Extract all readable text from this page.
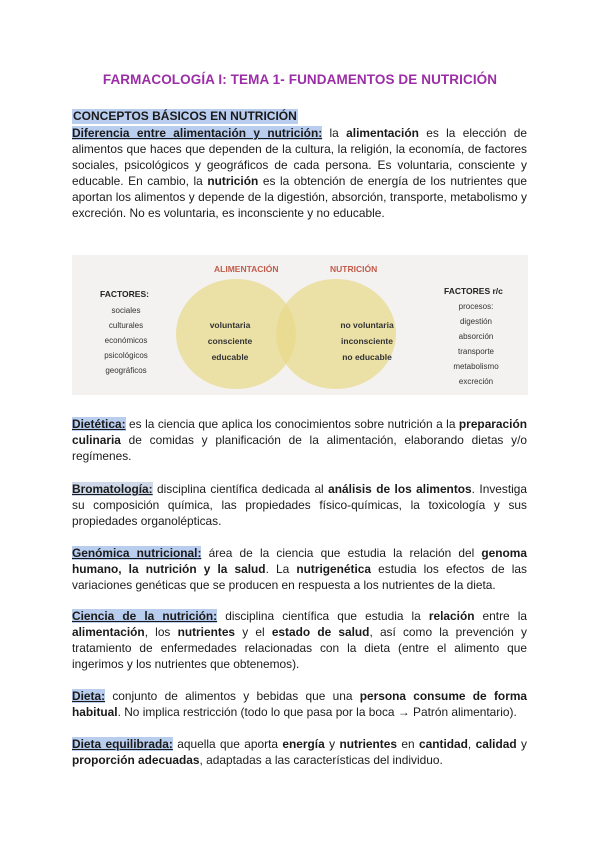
FARMACOLOGÍA I: TEMA 1- FUNDAMENTOS DE NUTRICIÓN
CONCEPTOS BÁSICOS EN NUTRICIÓN
Diferencia entre alimentación y nutrición: la alimentación es la elección de alimentos que haces que dependen de la cultura, la religión, la economía, de factores sociales, psicológicos y geográficos de cada persona. Es voluntaria, consciente y educable. En cambio, la nutrición es la obtención de energía de los nutrientes que aportan los alimentos y depende de la digestión, absorción, transporte, metabolismo y excreción. No es voluntaria, es inconsciente y no educable.
ALIMENTACIÓN	NUTRICIÓN
FACTORES:
sociales
culturales
económicos
psicológicos
geográficos
voluntaria
consciente
educable
no voluntaria
inconsciente
no educable
FACTORES r/c
procesos:
digestión
absorción
transporte
metabolismo
excreción
Dietética: es la ciencia que aplica los conocimientos sobre nutrición a la preparación culinaria de comidas y planificación de la alimentación, elaborando dietas y/o regímenes.
Bromatología: disciplina científica dedicada al análisis de los alimentos. Investiga su composición química, las propiedades físico-químicas, la toxicología y sus propiedades organolépticas.
Genómica nutricional: área de la ciencia que estudia la relación del genoma humano, la nutrición y la salud. La nutrigenética estudia los efectos de las variaciones genéticas que se producen en respuesta a los nutrientes de la dieta.
Ciencia de la nutrición: disciplina científica que estudia la relación entre la alimentación, los nutrientes y el estado de salud, así como la prevención y tratamiento de enfermedades relacionadas con la dieta (entre el alimento que ingerimos y los nutrientes que obtenemos).
Dieta: conjunto de alimentos y bebidas que una persona consume de forma habitual. No implica restricción (todo lo que pasa por la boca → Patrón alimentario).
Dieta equilibrada: aquella que aporta energía y nutrientes en cantidad, calidad y proporción adecuadas, adaptadas a las características del individuo.
